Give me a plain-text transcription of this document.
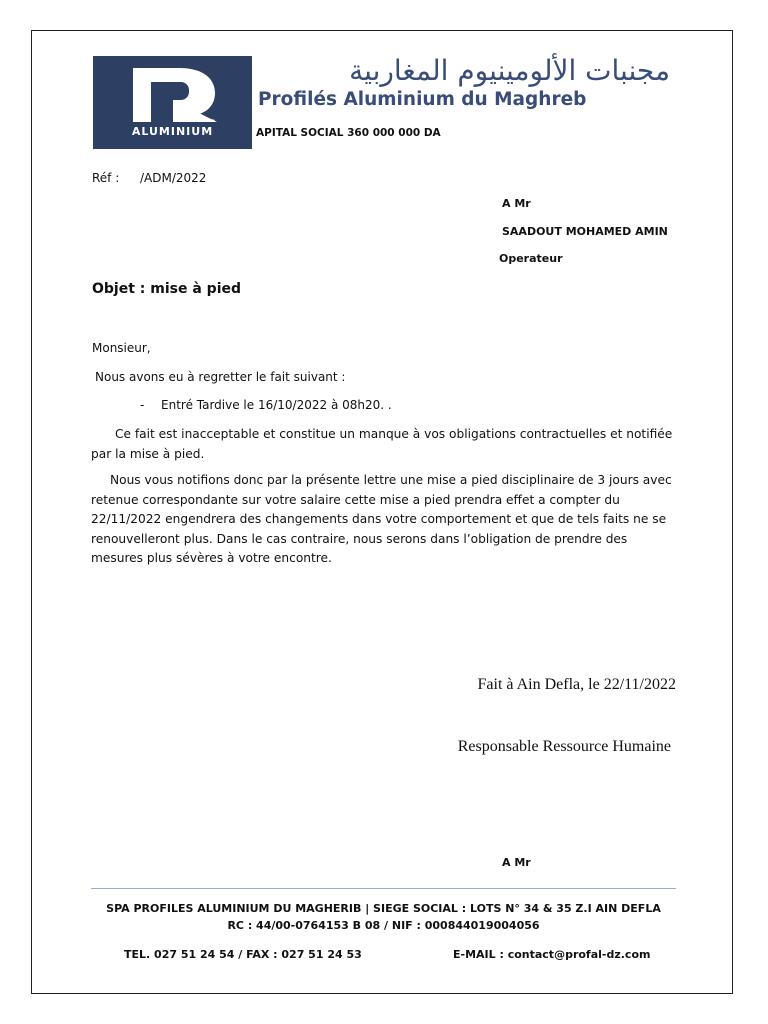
ALUMINIUM
مجنبات الألومينيوم المغاربية
Profilés Aluminium du Maghreb
APITAL SOCIAL 360 000 000 DA
Réf : /ADM/2022
A Mr
SAADOUT MOHAMED AMIN
Operateur
Objet : mise à pied
Monsieur,
Nous avons eu à regretter le fait suivant :
- Entré Tardive le 16/10/2022 à 08h20. .
Ce fait est inacceptable et constitue un manque à vos obligations contractuelles et notifiée par la mise à pied.
Nous vous notifions donc par la présente lettre une mise a pied disciplinaire de 3 jours avec retenue correspondante sur votre salaire cette mise a pied prendra effet a compter du 22/11/2022 engendrera des changements dans votre comportement et que de tels faits ne se renouvelleront plus. Dans le cas contraire, nous serons dans l’obligation de prendre des mesures plus sévères à votre encontre.
Fait à Ain Defla, le 22/11/2022
Responsable Ressource Humaine
A Mr
SPA PROFILES ALUMINIUM DU MAGHERIB | SIEGE SOCIAL : LOTS N° 34 & 35 Z.I AIN DEFLA
RC : 44/00-0764153 B 08 / NIF : 000844019004056
TEL. 027 51 24 54 / FAX : 027 51 24 53	E-MAIL : contact@profal-dz.com
